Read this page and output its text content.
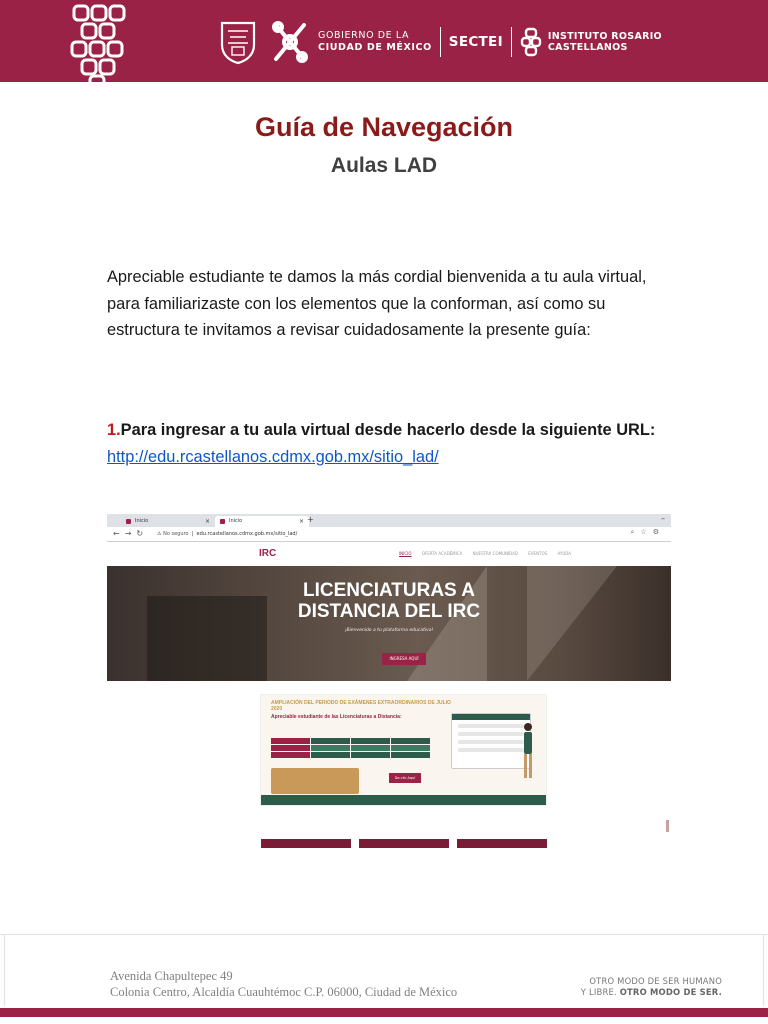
GOBIERNO DE LA
CIUDAD DE MÉXICO SECTEI	INSTITUTO ROSARIO
CASTELLANOS
Guía de Navegación
Aulas LAD

Apreciable estudiante te damos la más cordial bienvenida a tu aula virtual, para familiarizaste con los elementos que la conforman, así como su estructura te invitamos a revisar cuidadosamente la presente guía:

1.Para ingresar a tu aula virtual desde hacerlo desde la siguiente URL: http://edu.rcastellanos.cdmx.gob.mx/sitio_lad/

Inicio	×	Inicio	× +	–
←→↻ ⚠ No seguro  |  edu.rcastellanos.cdmx.gob.mx/sitio_lad/	⌕☆⚙
IRC	INICIO	OFERTA ACADÉMICA	NUESTRA COMUNIDAD	EVENTOS	AYUDA
LICENCIATURAS A
DISTANCIA DEL IRC
¡Bienvenido a tu plataforma educativa!
INGRESA AQUÍ
AMPLIACIÓN DEL PERIODO DE EXÁMENES EXTRAORDINARIOS DE JULIO 2020
Apreciable estudiante de las Licenciaturas a Distancia:
Da clic Aquí
Avenida Chapultepec 49
Colonia Centro, Alcaldía Cuauhtémoc C.P. 06000, Ciudad de México
OTRO MODO DE SER HUMANO
Y LIBRE. OTRO MODO DE SER.
